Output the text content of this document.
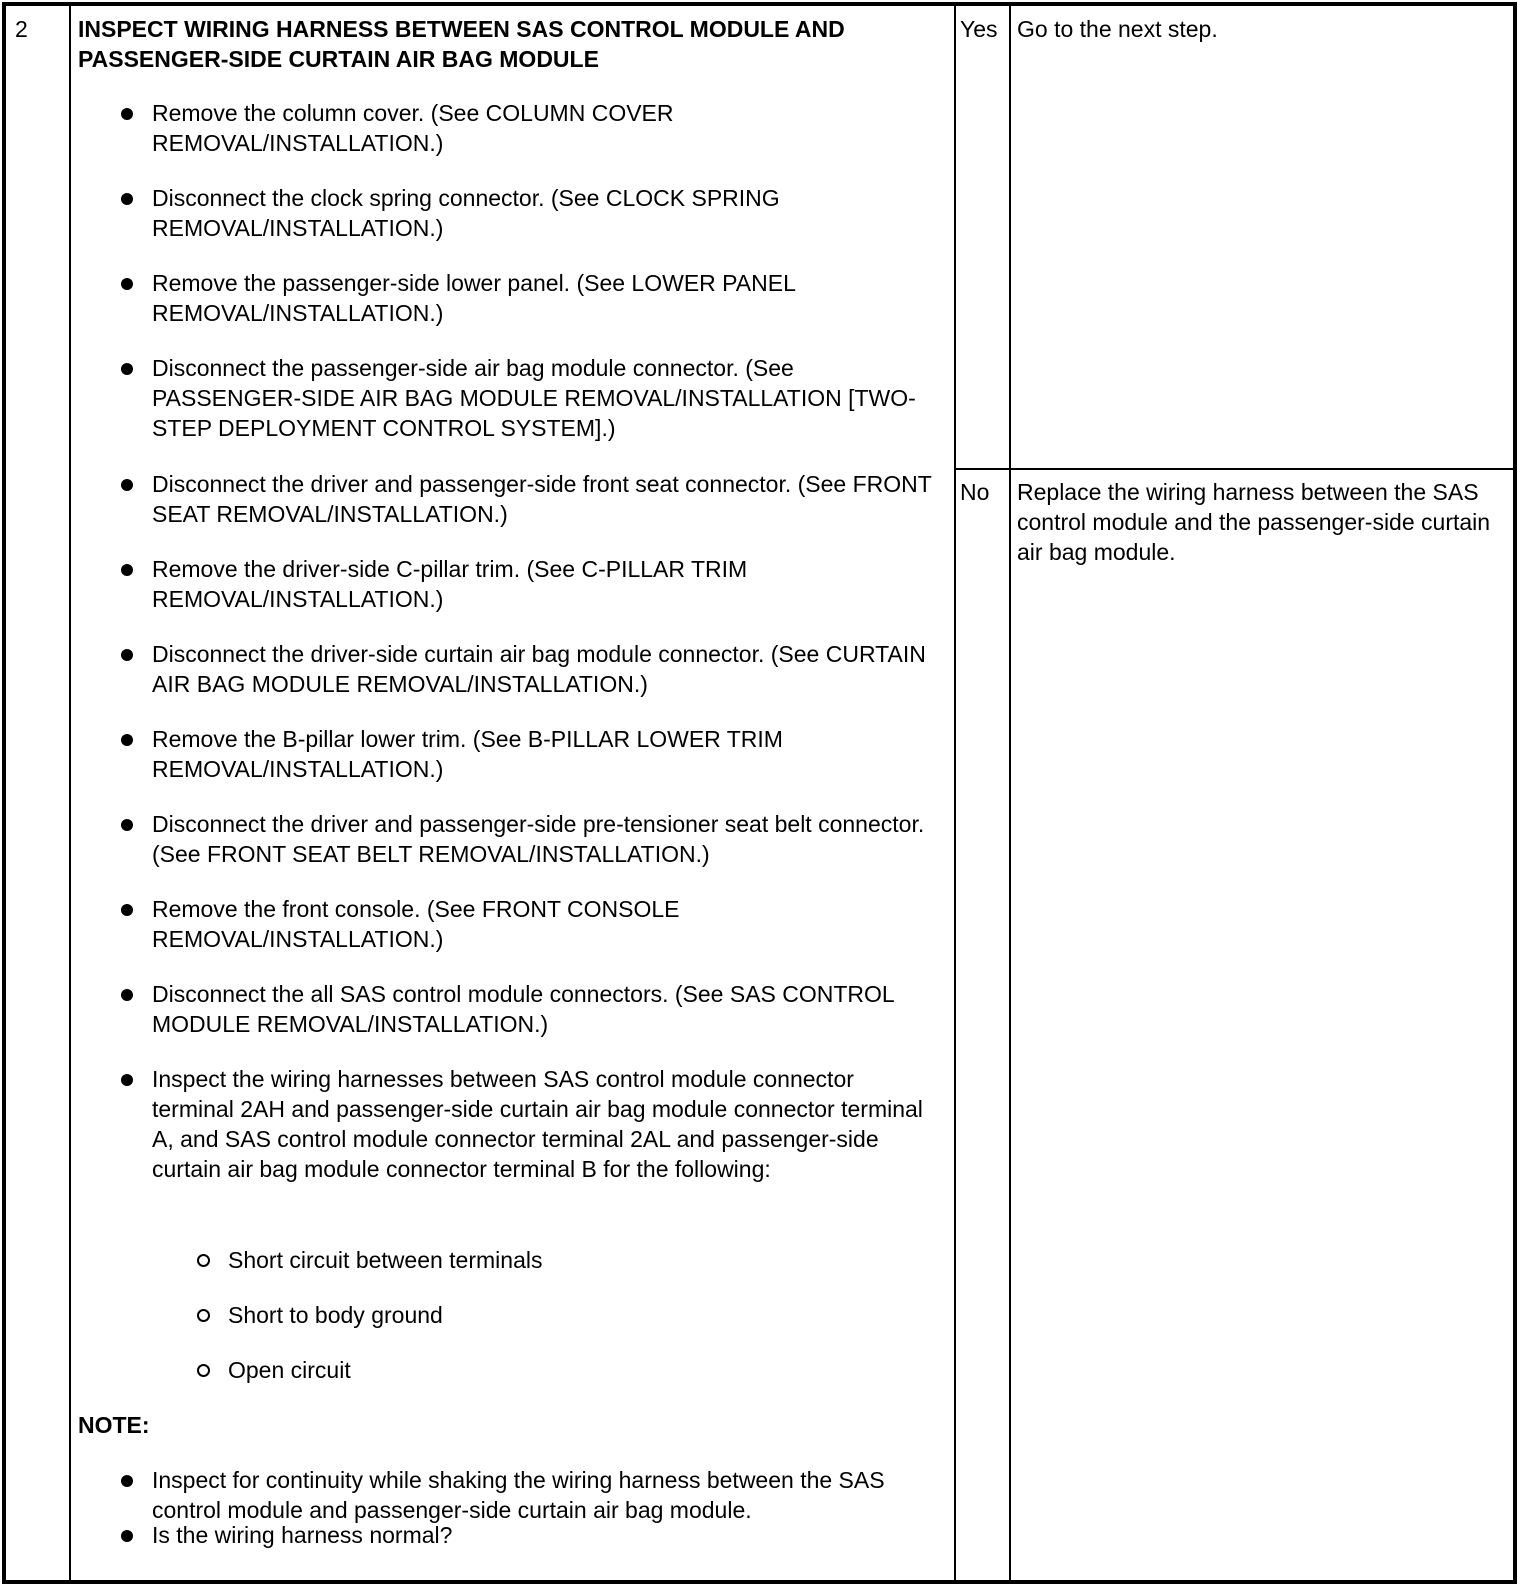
2 INSPECT WIRING HARNESS BETWEEN SAS CONTROL MODULE AND PASSENGER-SIDE CURTAIN AIR BAG MODULE

Remove the column cover. (See COLUMN COVER REMOVAL/INSTALLATION.)

Disconnect the clock spring connector. (See CLOCK SPRING REMOVAL/INSTALLATION.)

Remove the passenger-side lower panel. (See LOWER PANEL REMOVAL/INSTALLATION.)

Disconnect the passenger-side air bag module connector. (See PASSENGER-SIDE AIR BAG MODULE REMOVAL/INSTALLATION [TWO-STEP DEPLOYMENT CONTROL SYSTEM].)

Disconnect the driver and passenger-side front seat connector. (See FRONT SEAT REMOVAL/INSTALLATION.)

Remove the driver-side C-pillar trim. (See C-PILLAR TRIM REMOVAL/INSTALLATION.)

Disconnect the driver-side curtain air bag module connector. (See CURTAIN AIR BAG MODULE REMOVAL/INSTALLATION.)

Remove the B-pillar lower trim. (See B-PILLAR LOWER TRIM REMOVAL/INSTALLATION.)

Disconnect the driver and passenger-side pre-tensioner seat belt connector. (See FRONT SEAT BELT REMOVAL/INSTALLATION.)

Remove the front console. (See FRONT CONSOLE REMOVAL/INSTALLATION.)

Disconnect the all SAS control module connectors. (See SAS CONTROL MODULE REMOVAL/INSTALLATION.)

Inspect the wiring harnesses between SAS control module connector terminal 2AH and passenger-side curtain air bag module connector terminal A, and SAS control module connector terminal 2AL and passenger-side curtain air bag module connector terminal B for the following:

Short circuit between terminals

Short to body ground

Open circuit

NOTE:

Inspect for continuity while shaking the wiring harness between the SAS control module and passenger-side curtain air bag module.

Is the wiring harness normal?

Yes Go to the next step.

No Replace the wiring harness between the SAS control module and the passenger-side curtain air bag module.
